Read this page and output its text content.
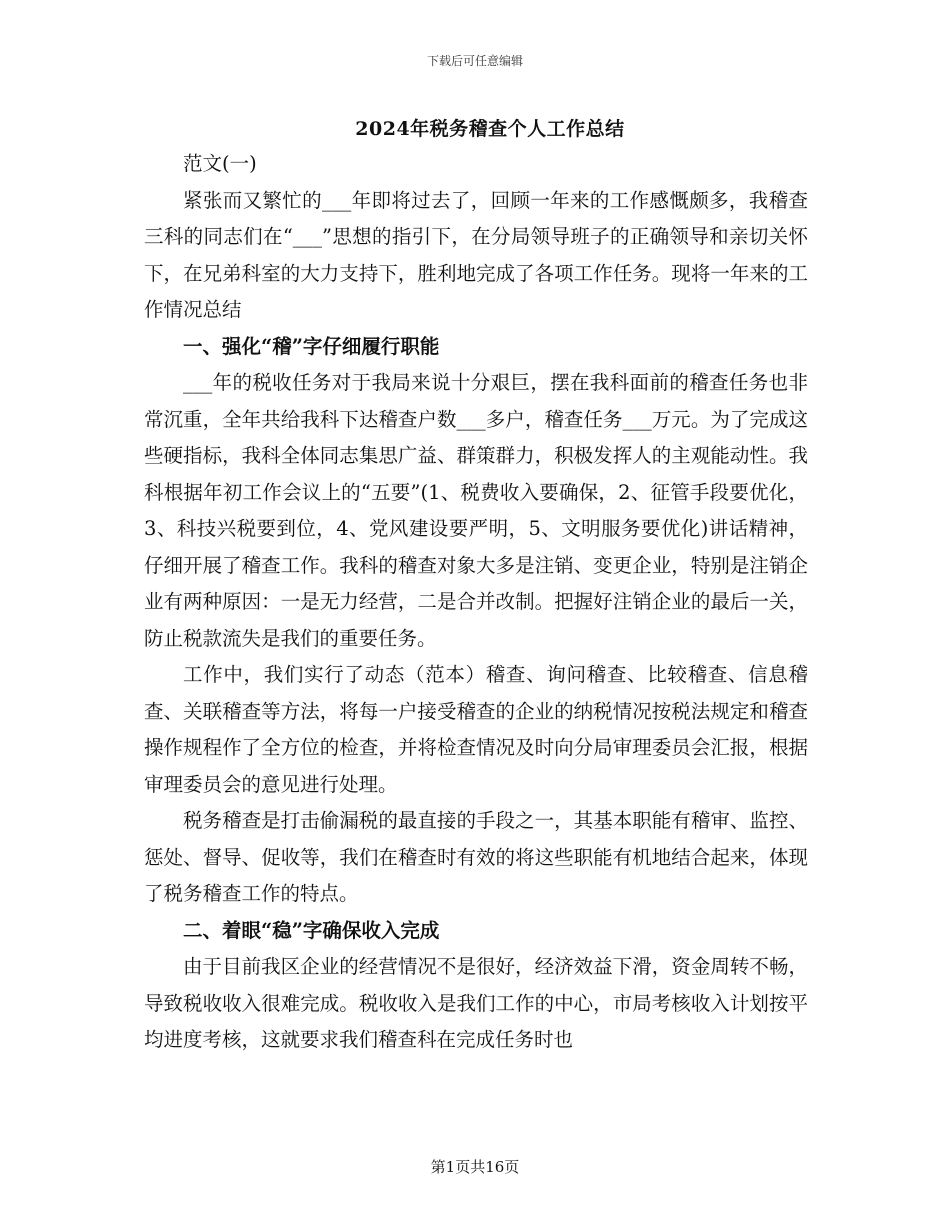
下载后可任意编辑
2024年税务稽查个人工作总结

范文(一)

紧张而又繁忙的___年即将过去了，回顾一年来的工作感慨颇多，我稽查三科的同志们在“___”思想的指引下，在分局领导班子的正确领导和亲切关怀下，在兄弟科室的大力支持下，胜利地完成了各项工作任务。现将一年来的工作情况总结

一、强化“稽”字仔细履行职能

___年的税收任务对于我局来说十分艰巨，摆在我科面前的稽查任务也非常沉重，全年共给我科下达稽查户数___多户，稽查任务___万元。为了完成这些硬指标，我科全体同志集思广益、群策群力，积极发挥人的主观能动性。我科根据年初工作会议上的“五要”(1、税费收入要确保，2、征管手段要优化，3、科技兴税要到位，4、党风建设要严明，5、文明服务要优化)讲话精神，仔细开展了稽查工作。我科的稽查对象大多是注销、变更企业，特别是注销企业有两种原因：一是无力经营，二是合并改制。把握好注销企业的最后一关，防止税款流失是我们的重要任务。

工作中，我们实行了动态（范本）稽查、询问稽查、比较稽查、信息稽查、关联稽查等方法，将每一户接受稽查的企业的纳税情况按税法规定和稽查操作规程作了全方位的检查，并将检查情况及时向分局审理委员会汇报，根据审理委员会的意见进行处理。

税务稽查是打击偷漏税的最直接的手段之一，其基本职能有稽审、监控、惩处、督导、促收等，我们在稽查时有效的将这些职能有机地结合起来，体现了税务稽查工作的特点。

二、着眼“稳”字确保收入完成

由于目前我区企业的经营情况不是很好，经济效益下滑，资金周转不畅，导致税收收入很难完成。税收收入是我们工作的中心，市局考核收入计划按平均进度考核，这就要求我们稽查科在完成任务时也

第1页共16页
